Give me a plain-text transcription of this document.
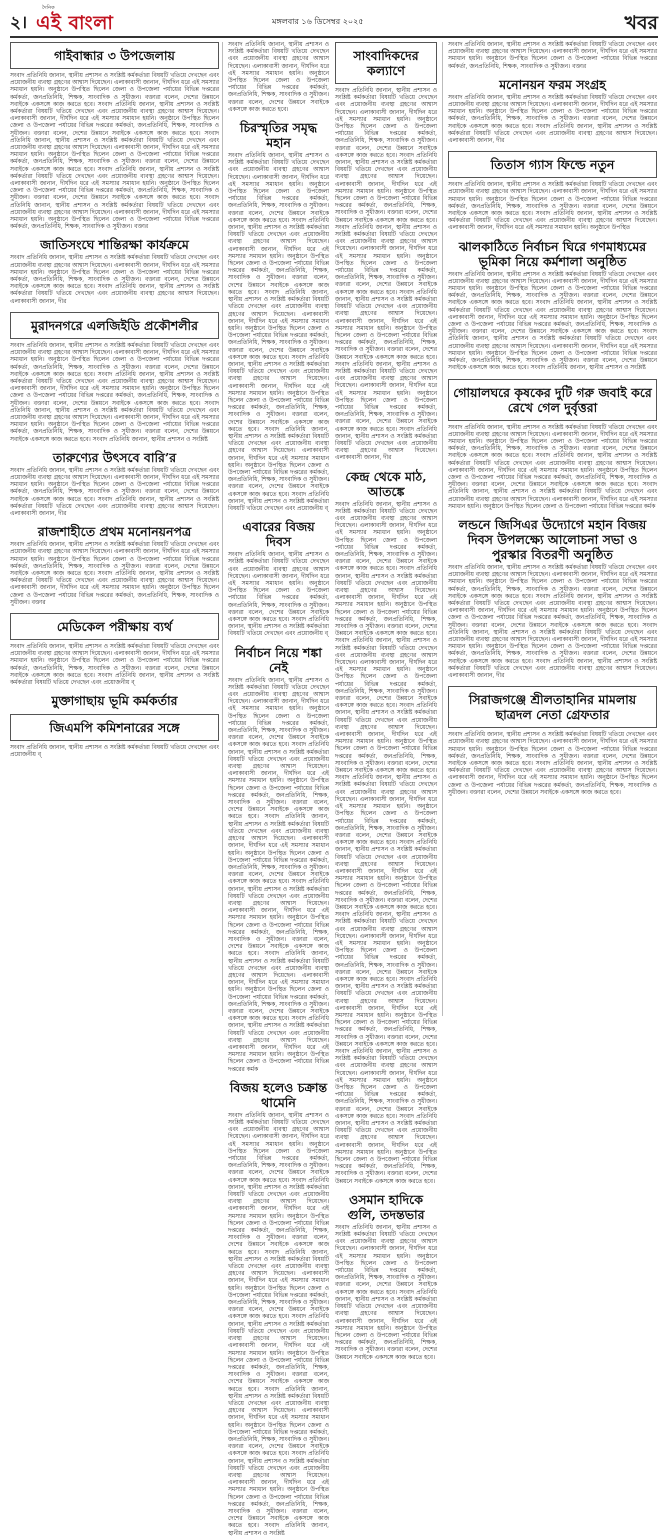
২।
দৈনিক
এই বাংলা	মঙ্গলবার ১৬ ডিসেম্বর ২০২৫	খবর
গাইবান্ধার ৩ উপজেলায়
সংবাদ প্রতিনিধি জানান, স্থানীয় প্রশাসন ও সংশ্লিষ্ট কর্মকর্তারা বিষয়টি খতিয়ে দেখছেন এবং প্রয়োজনীয় ব্যবস্থা গ্রহণের আশ্বাস দিয়েছেন। এলাকাবাসী জানান, দীর্ঘদিন ধরে এই সমস্যার সমাধান হয়নি। অনুষ্ঠানে উপস্থিত ছিলেন জেলা ও উপজেলা পর্যায়ের বিভিন্ন দপ্তরের কর্মকর্তা, জনপ্রতিনিধি, শিক্ষক, সাংবাদিক ও সুধীজন। বক্তারা বলেন, দেশের উন্নয়নে সবাইকে একসঙ্গে কাজ করতে হবে। সংবাদ প্রতিনিধি জানান, স্থানীয় প্রশাসন ও সংশ্লিষ্ট কর্মকর্তারা বিষয়টি খতিয়ে দেখছেন এবং প্রয়োজনীয় ব্যবস্থা গ্রহণের আশ্বাস দিয়েছেন। এলাকাবাসী জানান, দীর্ঘদিন ধরে এই সমস্যার সমাধান হয়নি। অনুষ্ঠানে উপস্থিত ছিলেন জেলা ও উপজেলা পর্যায়ের বিভিন্ন দপ্তরের কর্মকর্তা, জনপ্রতিনিধি, শিক্ষক, সাংবাদিক ও সুধীজন। বক্তারা বলেন, দেশের উন্নয়নে সবাইকে একসঙ্গে কাজ করতে হবে। সংবাদ প্রতিনিধি জানান, স্থানীয় প্রশাসন ও সংশ্লিষ্ট কর্মকর্তারা বিষয়টি খতিয়ে দেখছেন এবং প্রয়োজনীয় ব্যবস্থা গ্রহণের আশ্বাস দিয়েছেন। এলাকাবাসী জানান, দীর্ঘদিন ধরে এই সমস্যার সমাধান হয়নি। অনুষ্ঠানে উপস্থিত ছিলেন জেলা ও উপজেলা পর্যায়ের বিভিন্ন দপ্তরের কর্মকর্তা, জনপ্রতিনিধি, শিক্ষক, সাংবাদিক ও সুধীজন। বক্তারা বলেন, দেশের উন্নয়নে সবাইকে একসঙ্গে কাজ করতে হবে। সংবাদ প্রতিনিধি জানান, স্থানীয় প্রশাসন ও সংশ্লিষ্ট কর্মকর্তারা বিষয়টি খতিয়ে দেখছেন এবং প্রয়োজনীয় ব্যবস্থা গ্রহণের আশ্বাস দিয়েছেন। এলাকাবাসী জানান, দীর্ঘদিন ধরে এই সমস্যার সমাধান হয়নি। অনুষ্ঠানে উপস্থিত ছিলেন জেলা ও উপজেলা পর্যায়ের বিভিন্ন দপ্তরের কর্মকর্তা, জনপ্রতিনিধি, শিক্ষক, সাংবাদিক ও সুধীজন। বক্তারা বলেন, দেশের উন্নয়নে সবাইকে একসঙ্গে কাজ করতে হবে। সংবাদ প্রতিনিধি জানান, স্থানীয় প্রশাসন ও সংশ্লিষ্ট কর্মকর্তারা বিষয়টি খতিয়ে দেখছেন এবং প্রয়োজনীয় ব্যবস্থা গ্রহণের আশ্বাস দিয়েছেন। এলাকাবাসী জানান, দীর্ঘদিন ধরে এই সমস্যার সমাধান হয়নি। অনুষ্ঠানে উপস্থিত ছিলেন জেলা ও উপজেলা পর্যায়ের বিভিন্ন দপ্তরের কর্মকর্তা, জনপ্রতিনিধি, শিক্ষক, সাংবাদিক ও সুধীজন। বক্তার
জাতিসংঘে শান্তিরক্ষা কার্যক্রমে
সংবাদ প্রতিনিধি জানান, স্থানীয় প্রশাসন ও সংশ্লিষ্ট কর্মকর্তারা বিষয়টি খতিয়ে দেখছেন এবং প্রয়োজনীয় ব্যবস্থা গ্রহণের আশ্বাস দিয়েছেন। এলাকাবাসী জানান, দীর্ঘদিন ধরে এই সমস্যার সমাধান হয়নি। অনুষ্ঠানে উপস্থিত ছিলেন জেলা ও উপজেলা পর্যায়ের বিভিন্ন দপ্তরের কর্মকর্তা, জনপ্রতিনিধি, শিক্ষক, সাংবাদিক ও সুধীজন। বক্তারা বলেন, দেশের উন্নয়নে সবাইকে একসঙ্গে কাজ করতে হবে। সংবাদ প্রতিনিধি জানান, স্থানীয় প্রশাসন ও সংশ্লিষ্ট কর্মকর্তারা বিষয়টি খতিয়ে দেখছেন এবং প্রয়োজনীয় ব্যবস্থা গ্রহণের আশ্বাস দিয়েছেন। এলাকাবাসী জানান, দীর
মুরাদনগরে এলজিইডি প্রকৌশলীর
সংবাদ প্রতিনিধি জানান, স্থানীয় প্রশাসন ও সংশ্লিষ্ট কর্মকর্তারা বিষয়টি খতিয়ে দেখছেন এবং প্রয়োজনীয় ব্যবস্থা গ্রহণের আশ্বাস দিয়েছেন। এলাকাবাসী জানান, দীর্ঘদিন ধরে এই সমস্যার সমাধান হয়নি। অনুষ্ঠানে উপস্থিত ছিলেন জেলা ও উপজেলা পর্যায়ের বিভিন্ন দপ্তরের কর্মকর্তা, জনপ্রতিনিধি, শিক্ষক, সাংবাদিক ও সুধীজন। বক্তারা বলেন, দেশের উন্নয়নে সবাইকে একসঙ্গে কাজ করতে হবে। সংবাদ প্রতিনিধি জানান, স্থানীয় প্রশাসন ও সংশ্লিষ্ট কর্মকর্তারা বিষয়টি খতিয়ে দেখছেন এবং প্রয়োজনীয় ব্যবস্থা গ্রহণের আশ্বাস দিয়েছেন। এলাকাবাসী জানান, দীর্ঘদিন ধরে এই সমস্যার সমাধান হয়নি। অনুষ্ঠানে উপস্থিত ছিলেন জেলা ও উপজেলা পর্যায়ের বিভিন্ন দপ্তরের কর্মকর্তা, জনপ্রতিনিধি, শিক্ষক, সাংবাদিক ও সুধীজন। বক্তারা বলেন, দেশের উন্নয়নে সবাইকে একসঙ্গে কাজ করতে হবে। সংবাদ প্রতিনিধি জানান, স্থানীয় প্রশাসন ও সংশ্লিষ্ট কর্মকর্তারা বিষয়টি খতিয়ে দেখছেন এবং প্রয়োজনীয় ব্যবস্থা গ্রহণের আশ্বাস দিয়েছেন। এলাকাবাসী জানান, দীর্ঘদিন ধরে এই সমস্যার সমাধান হয়নি। অনুষ্ঠানে উপস্থিত ছিলেন জেলা ও উপজেলা পর্যায়ের বিভিন্ন দপ্তরের কর্মকর্তা, জনপ্রতিনিধি, শিক্ষক, সাংবাদিক ও সুধীজন। বক্তারা বলেন, দেশের উন্নয়নে সবাইকে একসঙ্গে কাজ করতে হবে। সংবাদ প্রতিনিধি জানান, স্থানীয় প্রশাসন ও সংশ্লিষ্ট
তারুণ্যের উৎসবে বারি’র
সংবাদ প্রতিনিধি জানান, স্থানীয় প্রশাসন ও সংশ্লিষ্ট কর্মকর্তারা বিষয়টি খতিয়ে দেখছেন এবং প্রয়োজনীয় ব্যবস্থা গ্রহণের আশ্বাস দিয়েছেন। এলাকাবাসী জানান, দীর্ঘদিন ধরে এই সমস্যার সমাধান হয়নি। অনুষ্ঠানে উপস্থিত ছিলেন জেলা ও উপজেলা পর্যায়ের বিভিন্ন দপ্তরের কর্মকর্তা, জনপ্রতিনিধি, শিক্ষক, সাংবাদিক ও সুধীজন। বক্তারা বলেন, দেশের উন্নয়নে সবাইকে একসঙ্গে কাজ করতে হবে। সংবাদ প্রতিনিধি জানান, স্থানীয় প্রশাসন ও সংশ্লিষ্ট কর্মকর্তারা বিষয়টি খতিয়ে দেখছেন এবং প্রয়োজনীয় ব্যবস্থা গ্রহণের আশ্বাস দিয়েছেন। এলাকাবাসী জানান, দীর
রাজশাহীতে প্রথম মনোনয়নপত্র
সংবাদ প্রতিনিধি জানান, স্থানীয় প্রশাসন ও সংশ্লিষ্ট কর্মকর্তারা বিষয়টি খতিয়ে দেখছেন এবং প্রয়োজনীয় ব্যবস্থা গ্রহণের আশ্বাস দিয়েছেন। এলাকাবাসী জানান, দীর্ঘদিন ধরে এই সমস্যার সমাধান হয়নি। অনুষ্ঠানে উপস্থিত ছিলেন জেলা ও উপজেলা পর্যায়ের বিভিন্ন দপ্তরের কর্মকর্তা, জনপ্রতিনিধি, শিক্ষক, সাংবাদিক ও সুধীজন। বক্তারা বলেন, দেশের উন্নয়নে সবাইকে একসঙ্গে কাজ করতে হবে। সংবাদ প্রতিনিধি জানান, স্থানীয় প্রশাসন ও সংশ্লিষ্ট কর্মকর্তারা বিষয়টি খতিয়ে দেখছেন এবং প্রয়োজনীয় ব্যবস্থা গ্রহণের আশ্বাস দিয়েছেন। এলাকাবাসী জানান, দীর্ঘদিন ধরে এই সমস্যার সমাধান হয়নি। অনুষ্ঠানে উপস্থিত ছিলেন জেলা ও উপজেলা পর্যায়ের বিভিন্ন দপ্তরের কর্মকর্তা, জনপ্রতিনিধি, শিক্ষক, সাংবাদিক ও সুধীজন। বক্তার
মেডিকেল পরীক্ষায় ব্যর্থ
সংবাদ প্রতিনিধি জানান, স্থানীয় প্রশাসন ও সংশ্লিষ্ট কর্মকর্তারা বিষয়টি খতিয়ে দেখছেন এবং প্রয়োজনীয় ব্যবস্থা গ্রহণের আশ্বাস দিয়েছেন। এলাকাবাসী জানান, দীর্ঘদিন ধরে এই সমস্যার সমাধান হয়নি। অনুষ্ঠানে উপস্থিত ছিলেন জেলা ও উপজেলা পর্যায়ের বিভিন্ন দপ্তরের কর্মকর্তা, জনপ্রতিনিধি, শিক্ষক, সাংবাদিক ও সুধীজন। বক্তারা বলেন, দেশের উন্নয়নে সবাইকে একসঙ্গে কাজ করতে হবে। সংবাদ প্রতিনিধি জানান, স্থানীয় প্রশাসন ও সংশ্লিষ্ট কর্মকর্তারা বিষয়টি খতিয়ে দেখছেন এবং প্রয়োজনীয় ব্
মুক্তাগাছায় ভূমি কর্মকর্তার
জিএমপি কমিশনারের সঙ্গে
সংবাদ প্রতিনিধি জানান, স্থানীয় প্রশাসন ও সংশ্লিষ্ট কর্মকর্তারা বিষয়টি খতিয়ে দেখছেন এবং প্রয়োজনীয় ব্
সংবাদ প্রতিনিধি জানান, স্থানীয় প্রশাসন ও সংশ্লিষ্ট কর্মকর্তারা বিষয়টি খতিয়ে দেখছেন এবং প্রয়োজনীয় ব্যবস্থা গ্রহণের আশ্বাস দিয়েছেন। এলাকাবাসী জানান, দীর্ঘদিন ধরে এই সমস্যার সমাধান হয়নি। অনুষ্ঠানে উপস্থিত ছিলেন জেলা ও উপজেলা পর্যায়ের বিভিন্ন দপ্তরের কর্মকর্তা, জনপ্রতিনিধি, শিক্ষক, সাংবাদিক ও সুধীজন। বক্তারা বলেন, দেশের উন্নয়নে সবাইকে একসঙ্গে কাজ করতে হবে।
চিরস্মৃতির সমৃদ্ধ মহান
সংবাদ প্রতিনিধি জানান, স্থানীয় প্রশাসন ও সংশ্লিষ্ট কর্মকর্তারা বিষয়টি খতিয়ে দেখছেন এবং প্রয়োজনীয় ব্যবস্থা গ্রহণের আশ্বাস দিয়েছেন। এলাকাবাসী জানান, দীর্ঘদিন ধরে এই সমস্যার সমাধান হয়নি। অনুষ্ঠানে উপস্থিত ছিলেন জেলা ও উপজেলা পর্যায়ের বিভিন্ন দপ্তরের কর্মকর্তা, জনপ্রতিনিধি, শিক্ষক, সাংবাদিক ও সুধীজন। বক্তারা বলেন, দেশের উন্নয়নে সবাইকে একসঙ্গে কাজ করতে হবে। সংবাদ প্রতিনিধি জানান, স্থানীয় প্রশাসন ও সংশ্লিষ্ট কর্মকর্তারা বিষয়টি খতিয়ে দেখছেন এবং প্রয়োজনীয় ব্যবস্থা গ্রহণের আশ্বাস দিয়েছেন। এলাকাবাসী জানান, দীর্ঘদিন ধরে এই সমস্যার সমাধান হয়নি। অনুষ্ঠানে উপস্থিত ছিলেন জেলা ও উপজেলা পর্যায়ের বিভিন্ন দপ্তরের কর্মকর্তা, জনপ্রতিনিধি, শিক্ষক, সাংবাদিক ও সুধীজন। বক্তারা বলেন, দেশের উন্নয়নে সবাইকে একসঙ্গে কাজ করতে হবে। সংবাদ প্রতিনিধি জানান, স্থানীয় প্রশাসন ও সংশ্লিষ্ট কর্মকর্তারা বিষয়টি খতিয়ে দেখছেন এবং প্রয়োজনীয় ব্যবস্থা গ্রহণের আশ্বাস দিয়েছেন। এলাকাবাসী জানান, দীর্ঘদিন ধরে এই সমস্যার সমাধান হয়নি। অনুষ্ঠানে উপস্থিত ছিলেন জেলা ও উপজেলা পর্যায়ের বিভিন্ন দপ্তরের কর্মকর্তা, জনপ্রতিনিধি, শিক্ষক, সাংবাদিক ও সুধীজন। বক্তারা বলেন, দেশের উন্নয়নে সবাইকে একসঙ্গে কাজ করতে হবে। সংবাদ প্রতিনিধি জানান, স্থানীয় প্রশাসন ও সংশ্লিষ্ট কর্মকর্তারা বিষয়টি খতিয়ে দেখছেন এবং প্রয়োজনীয় ব্যবস্থা গ্রহণের আশ্বাস দিয়েছেন। এলাকাবাসী জানান, দীর্ঘদিন ধরে এই সমস্যার সমাধান হয়নি। অনুষ্ঠানে উপস্থিত ছিলেন জেলা ও উপজেলা পর্যায়ের বিভিন্ন দপ্তরের কর্মকর্তা, জনপ্রতিনিধি, শিক্ষক, সাংবাদিক ও সুধীজন। বক্তারা বলেন, দেশের উন্নয়নে সবাইকে একসঙ্গে কাজ করতে হবে। সংবাদ প্রতিনিধি জানান, স্থানীয় প্রশাসন ও সংশ্লিষ্ট কর্মকর্তারা বিষয়টি খতিয়ে দেখছেন এবং প্রয়োজনীয় ব্যবস্থা গ্রহণের আশ্বাস দিয়েছেন। এলাকাবাসী জানান, দীর্ঘদিন ধরে এই সমস্যার সমাধান হয়নি। অনুষ্ঠানে উপস্থিত ছিলেন জেলা ও উপজেলা পর্যায়ের বিভিন্ন দপ্তরের কর্মকর্তা, জনপ্রতিনিধি, শিক্ষক, সাংবাদিক ও সুধীজন। বক্তারা বলেন, দেশের উন্নয়নে সবাইকে একসঙ্গে কাজ করতে হবে। সংবাদ প্রতিনিধি জানান, স্থানীয় প্রশাসন ও সংশ্লিষ্ট কর্মকর্তারা বিষয়টি খতিয়ে দেখছেন এবং প্রয়োজনীয় ব্
এবারের বিজয় দিবস
সংবাদ প্রতিনিধি জানান, স্থানীয় প্রশাসন ও সংশ্লিষ্ট কর্মকর্তারা বিষয়টি খতিয়ে দেখছেন এবং প্রয়োজনীয় ব্যবস্থা গ্রহণের আশ্বাস দিয়েছেন। এলাকাবাসী জানান, দীর্ঘদিন ধরে এই সমস্যার সমাধান হয়নি। অনুষ্ঠানে উপস্থিত ছিলেন জেলা ও উপজেলা পর্যায়ের বিভিন্ন দপ্তরের কর্মকর্তা, জনপ্রতিনিধি, শিক্ষক, সাংবাদিক ও সুধীজন। বক্তারা বলেন, দেশের উন্নয়নে সবাইকে একসঙ্গে কাজ করতে হবে। সংবাদ প্রতিনিধি জানান, স্থানীয় প্রশাসন ও সংশ্লিষ্ট কর্মকর্তারা বিষয়টি খতিয়ে দেখছেন এবং প্রয়োজনীয় ব্
নির্বাচন নিয়ে শঙ্কা নেই
সংবাদ প্রতিনিধি জানান, স্থানীয় প্রশাসন ও সংশ্লিষ্ট কর্মকর্তারা বিষয়টি খতিয়ে দেখছেন এবং প্রয়োজনীয় ব্যবস্থা গ্রহণের আশ্বাস দিয়েছেন। এলাকাবাসী জানান, দীর্ঘদিন ধরে এই সমস্যার সমাধান হয়নি। অনুষ্ঠানে উপস্থিত ছিলেন জেলা ও উপজেলা পর্যায়ের বিভিন্ন দপ্তরের কর্মকর্তা, জনপ্রতিনিধি, শিক্ষক, সাংবাদিক ও সুধীজন। বক্তারা বলেন, দেশের উন্নয়নে সবাইকে একসঙ্গে কাজ করতে হবে। সংবাদ প্রতিনিধি জানান, স্থানীয় প্রশাসন ও সংশ্লিষ্ট কর্মকর্তারা বিষয়টি খতিয়ে দেখছেন এবং প্রয়োজনীয় ব্যবস্থা গ্রহণের আশ্বাস দিয়েছেন। এলাকাবাসী জানান, দীর্ঘদিন ধরে এই সমস্যার সমাধান হয়নি। অনুষ্ঠানে উপস্থিত ছিলেন জেলা ও উপজেলা পর্যায়ের বিভিন্ন দপ্তরের কর্মকর্তা, জনপ্রতিনিধি, শিক্ষক, সাংবাদিক ও সুধীজন। বক্তারা বলেন, দেশের উন্নয়নে সবাইকে একসঙ্গে কাজ করতে হবে। সংবাদ প্রতিনিধি জানান, স্থানীয় প্রশাসন ও সংশ্লিষ্ট কর্মকর্তারা বিষয়টি খতিয়ে দেখছেন এবং প্রয়োজনীয় ব্যবস্থা গ্রহণের আশ্বাস দিয়েছেন। এলাকাবাসী জানান, দীর্ঘদিন ধরে এই সমস্যার সমাধান হয়নি। অনুষ্ঠানে উপস্থিত ছিলেন জেলা ও উপজেলা পর্যায়ের বিভিন্ন দপ্তরের কর্মকর্তা, জনপ্রতিনিধি, শিক্ষক, সাংবাদিক ও সুধীজন। বক্তারা বলেন, দেশের উন্নয়নে সবাইকে একসঙ্গে কাজ করতে হবে। সংবাদ প্রতিনিধি জানান, স্থানীয় প্রশাসন ও সংশ্লিষ্ট কর্মকর্তারা বিষয়টি খতিয়ে দেখছেন এবং প্রয়োজনীয় ব্যবস্থা গ্রহণের আশ্বাস দিয়েছেন। এলাকাবাসী জানান, দীর্ঘদিন ধরে এই সমস্যার সমাধান হয়নি। অনুষ্ঠানে উপস্থিত ছিলেন জেলা ও উপজেলা পর্যায়ের বিভিন্ন দপ্তরের কর্মকর্তা, জনপ্রতিনিধি, শিক্ষক, সাংবাদিক ও সুধীজন। বক্তারা বলেন, দেশের উন্নয়নে সবাইকে একসঙ্গে কাজ করতে হবে। সংবাদ প্রতিনিধি জানান, স্থানীয় প্রশাসন ও সংশ্লিষ্ট কর্মকর্তারা বিষয়টি খতিয়ে দেখছেন এবং প্রয়োজনীয় ব্যবস্থা গ্রহণের আশ্বাস দিয়েছেন। এলাকাবাসী জানান, দীর্ঘদিন ধরে এই সমস্যার সমাধান হয়নি। অনুষ্ঠানে উপস্থিত ছিলেন জেলা ও উপজেলা পর্যায়ের বিভিন্ন দপ্তরের কর্মকর্তা, জনপ্রতিনিধি, শিক্ষক, সাংবাদিক ও সুধীজন। বক্তারা বলেন, দেশের উন্নয়নে সবাইকে একসঙ্গে কাজ করতে হবে। সংবাদ প্রতিনিধি জানান, স্থানীয় প্রশাসন ও সংশ্লিষ্ট কর্মকর্তারা বিষয়টি খতিয়ে দেখছেন এবং প্রয়োজনীয় ব্যবস্থা গ্রহণের আশ্বাস দিয়েছেন। এলাকাবাসী জানান, দীর্ঘদিন ধরে এই সমস্যার সমাধান হয়নি। অনুষ্ঠানে উপস্থিত ছিলেন জেলা ও উপজেলা পর্যায়ের বিভিন্ন দপ্তরের কর্মক
বিজয় হলেও চক্রান্ত থামেনি
সংবাদ প্রতিনিধি জানান, স্থানীয় প্রশাসন ও সংশ্লিষ্ট কর্মকর্তারা বিষয়টি খতিয়ে দেখছেন এবং প্রয়োজনীয় ব্যবস্থা গ্রহণের আশ্বাস দিয়েছেন। এলাকাবাসী জানান, দীর্ঘদিন ধরে এই সমস্যার সমাধান হয়নি। অনুষ্ঠানে উপস্থিত ছিলেন জেলা ও উপজেলা পর্যায়ের বিভিন্ন দপ্তরের কর্মকর্তা, জনপ্রতিনিধি, শিক্ষক, সাংবাদিক ও সুধীজন। বক্তারা বলেন, দেশের উন্নয়নে সবাইকে একসঙ্গে কাজ করতে হবে। সংবাদ প্রতিনিধি জানান, স্থানীয় প্রশাসন ও সংশ্লিষ্ট কর্মকর্তারা বিষয়টি খতিয়ে দেখছেন এবং প্রয়োজনীয় ব্যবস্থা গ্রহণের আশ্বাস দিয়েছেন। এলাকাবাসী জানান, দীর্ঘদিন ধরে এই সমস্যার সমাধান হয়নি। অনুষ্ঠানে উপস্থিত ছিলেন জেলা ও উপজেলা পর্যায়ের বিভিন্ন দপ্তরের কর্মকর্তা, জনপ্রতিনিধি, শিক্ষক, সাংবাদিক ও সুধীজন। বক্তারা বলেন, দেশের উন্নয়নে সবাইকে একসঙ্গে কাজ করতে হবে। সংবাদ প্রতিনিধি জানান, স্থানীয় প্রশাসন ও সংশ্লিষ্ট কর্মকর্তারা বিষয়টি খতিয়ে দেখছেন এবং প্রয়োজনীয় ব্যবস্থা গ্রহণের আশ্বাস দিয়েছেন। এলাকাবাসী জানান, দীর্ঘদিন ধরে এই সমস্যার সমাধান হয়নি। অনুষ্ঠানে উপস্থিত ছিলেন জেলা ও উপজেলা পর্যায়ের বিভিন্ন দপ্তরের কর্মকর্তা, জনপ্রতিনিধি, শিক্ষক, সাংবাদিক ও সুধীজন। বক্তারা বলেন, দেশের উন্নয়নে সবাইকে একসঙ্গে কাজ করতে হবে। সংবাদ প্রতিনিধি জানান, স্থানীয় প্রশাসন ও সংশ্লিষ্ট কর্মকর্তারা বিষয়টি খতিয়ে দেখছেন এবং প্রয়োজনীয় ব্যবস্থা গ্রহণের আশ্বাস দিয়েছেন। এলাকাবাসী জানান, দীর্ঘদিন ধরে এই সমস্যার সমাধান হয়নি। অনুষ্ঠানে উপস্থিত ছিলেন জেলা ও উপজেলা পর্যায়ের বিভিন্ন দপ্তরের কর্মকর্তা, জনপ্রতিনিধি, শিক্ষক, সাংবাদিক ও সুধীজন। বক্তারা বলেন, দেশের উন্নয়নে সবাইকে একসঙ্গে কাজ করতে হবে। সংবাদ প্রতিনিধি জানান, স্থানীয় প্রশাসন ও সংশ্লিষ্ট কর্মকর্তারা বিষয়টি খতিয়ে দেখছেন এবং প্রয়োজনীয় ব্যবস্থা গ্রহণের আশ্বাস দিয়েছেন। এলাকাবাসী জানান, দীর্ঘদিন ধরে এই সমস্যার সমাধান হয়নি। অনুষ্ঠানে উপস্থিত ছিলেন জেলা ও উপজেলা পর্যায়ের বিভিন্ন দপ্তরের কর্মকর্তা, জনপ্রতিনিধি, শিক্ষক, সাংবাদিক ও সুধীজন। বক্তারা বলেন, দেশের উন্নয়নে সবাইকে একসঙ্গে কাজ করতে হবে। সংবাদ প্রতিনিধি জানান, স্থানীয় প্রশাসন ও সংশ্লিষ্ট কর্মকর্তারা বিষয়টি খতিয়ে দেখছেন এবং প্রয়োজনীয় ব্যবস্থা গ্রহণের আশ্বাস দিয়েছেন। এলাকাবাসী জানান, দীর্ঘদিন ধরে এই সমস্যার সমাধান হয়নি। অনুষ্ঠানে উপস্থিত ছিলেন জেলা ও উপজেলা পর্যায়ের বিভিন্ন দপ্তরের কর্মকর্তা, জনপ্রতিনিধি, শিক্ষক, সাংবাদিক ও সুধীজন। বক্তারা বলেন, দেশের উন্নয়নে সবাইকে একসঙ্গে কাজ করতে হবে। সংবাদ প্রতিনিধি জানান, স্থানীয় প্রশাসন ও সংশ্লিষ্ট
সাংবাদিকদের কল্যাণে
সংবাদ প্রতিনিধি জানান, স্থানীয় প্রশাসন ও সংশ্লিষ্ট কর্মকর্তারা বিষয়টি খতিয়ে দেখছেন এবং প্রয়োজনীয় ব্যবস্থা গ্রহণের আশ্বাস দিয়েছেন। এলাকাবাসী জানান, দীর্ঘদিন ধরে এই সমস্যার সমাধান হয়নি। অনুষ্ঠানে উপস্থিত ছিলেন জেলা ও উপজেলা পর্যায়ের বিভিন্ন দপ্তরের কর্মকর্তা, জনপ্রতিনিধি, শিক্ষক, সাংবাদিক ও সুধীজন। বক্তারা বলেন, দেশের উন্নয়নে সবাইকে একসঙ্গে কাজ করতে হবে। সংবাদ প্রতিনিধি জানান, স্থানীয় প্রশাসন ও সংশ্লিষ্ট কর্মকর্তারা বিষয়টি খতিয়ে দেখছেন এবং প্রয়োজনীয় ব্যবস্থা গ্রহণের আশ্বাস দিয়েছেন। এলাকাবাসী জানান, দীর্ঘদিন ধরে এই সমস্যার সমাধান হয়নি। অনুষ্ঠানে উপস্থিত ছিলেন জেলা ও উপজেলা পর্যায়ের বিভিন্ন দপ্তরের কর্মকর্তা, জনপ্রতিনিধি, শিক্ষক, সাংবাদিক ও সুধীজন। বক্তারা বলেন, দেশের উন্নয়নে সবাইকে একসঙ্গে কাজ করতে হবে। সংবাদ প্রতিনিধি জানান, স্থানীয় প্রশাসন ও সংশ্লিষ্ট কর্মকর্তারা বিষয়টি খতিয়ে দেখছেন এবং প্রয়োজনীয় ব্যবস্থা গ্রহণের আশ্বাস দিয়েছেন। এলাকাবাসী জানান, দীর্ঘদিন ধরে এই সমস্যার সমাধান হয়নি। অনুষ্ঠানে উপস্থিত ছিলেন জেলা ও উপজেলা পর্যায়ের বিভিন্ন দপ্তরের কর্মকর্তা, জনপ্রতিনিধি, শিক্ষক, সাংবাদিক ও সুধীজন। বক্তারা বলেন, দেশের উন্নয়নে সবাইকে একসঙ্গে কাজ করতে হবে। সংবাদ প্রতিনিধি জানান, স্থানীয় প্রশাসন ও সংশ্লিষ্ট কর্মকর্তারা বিষয়টি খতিয়ে দেখছেন এবং প্রয়োজনীয় ব্যবস্থা গ্রহণের আশ্বাস দিয়েছেন। এলাকাবাসী জানান, দীর্ঘদিন ধরে এই সমস্যার সমাধান হয়নি। অনুষ্ঠানে উপস্থিত ছিলেন জেলা ও উপজেলা পর্যায়ের বিভিন্ন দপ্তরের কর্মকর্তা, জনপ্রতিনিধি, শিক্ষক, সাংবাদিক ও সুধীজন। বক্তারা বলেন, দেশের উন্নয়নে সবাইকে একসঙ্গে কাজ করতে হবে। সংবাদ প্রতিনিধি জানান, স্থানীয় প্রশাসন ও সংশ্লিষ্ট কর্মকর্তারা বিষয়টি খতিয়ে দেখছেন এবং প্রয়োজনীয় ব্যবস্থা গ্রহণের আশ্বাস দিয়েছেন। এলাকাবাসী জানান, দীর্ঘদিন ধরে এই সমস্যার সমাধান হয়নি। অনুষ্ঠানে উপস্থিত ছিলেন জেলা ও উপজেলা পর্যায়ের বিভিন্ন দপ্তরের কর্মকর্তা, জনপ্রতিনিধি, শিক্ষক, সাংবাদিক ও সুধীজন। বক্তারা বলেন, দেশের উন্নয়নে সবাইকে একসঙ্গে কাজ করতে হবে। সংবাদ প্রতিনিধি জানান, স্থানীয় প্রশাসন ও সংশ্লিষ্ট কর্মকর্তারা বিষয়টি খতিয়ে দেখছেন এবং প্রয়োজনীয় ব্যবস্থা গ্রহণের আশ্বাস দিয়েছেন। এলাকাবাসী জানান, দীর
কেন্দ্র থেকে মাঠ, আতঙ্কে
সংবাদ প্রতিনিধি জানান, স্থানীয় প্রশাসন ও সংশ্লিষ্ট কর্মকর্তারা বিষয়টি খতিয়ে দেখছেন এবং প্রয়োজনীয় ব্যবস্থা গ্রহণের আশ্বাস দিয়েছেন। এলাকাবাসী জানান, দীর্ঘদিন ধরে এই সমস্যার সমাধান হয়নি। অনুষ্ঠানে উপস্থিত ছিলেন জেলা ও উপজেলা পর্যায়ের বিভিন্ন দপ্তরের কর্মকর্তা, জনপ্রতিনিধি, শিক্ষক, সাংবাদিক ও সুধীজন। বক্তারা বলেন, দেশের উন্নয়নে সবাইকে একসঙ্গে কাজ করতে হবে। সংবাদ প্রতিনিধি জানান, স্থানীয় প্রশাসন ও সংশ্লিষ্ট কর্মকর্তারা বিষয়টি খতিয়ে দেখছেন এবং প্রয়োজনীয় ব্যবস্থা গ্রহণের আশ্বাস দিয়েছেন। এলাকাবাসী জানান, দীর্ঘদিন ধরে এই সমস্যার সমাধান হয়নি। অনুষ্ঠানে উপস্থিত ছিলেন জেলা ও উপজেলা পর্যায়ের বিভিন্ন দপ্তরের কর্মকর্তা, জনপ্রতিনিধি, শিক্ষক, সাংবাদিক ও সুধীজন। বক্তারা বলেন, দেশের উন্নয়নে সবাইকে একসঙ্গে কাজ করতে হবে। সংবাদ প্রতিনিধি জানান, স্থানীয় প্রশাসন ও সংশ্লিষ্ট কর্মকর্তারা বিষয়টি খতিয়ে দেখছেন এবং প্রয়োজনীয় ব্যবস্থা গ্রহণের আশ্বাস দিয়েছেন। এলাকাবাসী জানান, দীর্ঘদিন ধরে এই সমস্যার সমাধান হয়নি। অনুষ্ঠানে উপস্থিত ছিলেন জেলা ও উপজেলা পর্যায়ের বিভিন্ন দপ্তরের কর্মকর্তা, জনপ্রতিনিধি, শিক্ষক, সাংবাদিক ও সুধীজন। বক্তারা বলেন, দেশের উন্নয়নে সবাইকে একসঙ্গে কাজ করতে হবে। সংবাদ প্রতিনিধি জানান, স্থানীয় প্রশাসন ও সংশ্লিষ্ট কর্মকর্তারা বিষয়টি খতিয়ে দেখছেন এবং প্রয়োজনীয় ব্যবস্থা গ্রহণের আশ্বাস দিয়েছেন। এলাকাবাসী জানান, দীর্ঘদিন ধরে এই সমস্যার সমাধান হয়নি। অনুষ্ঠানে উপস্থিত ছিলেন জেলা ও উপজেলা পর্যায়ের বিভিন্ন দপ্তরের কর্মকর্তা, জনপ্রতিনিধি, শিক্ষক, সাংবাদিক ও সুধীজন। বক্তারা বলেন, দেশের উন্নয়নে সবাইকে একসঙ্গে কাজ করতে হবে। সংবাদ প্রতিনিধি জানান, স্থানীয় প্রশাসন ও সংশ্লিষ্ট কর্মকর্তারা বিষয়টি খতিয়ে দেখছেন এবং প্রয়োজনীয় ব্যবস্থা গ্রহণের আশ্বাস দিয়েছেন। এলাকাবাসী জানান, দীর্ঘদিন ধরে এই সমস্যার সমাধান হয়নি। অনুষ্ঠানে উপস্থিত ছিলেন জেলা ও উপজেলা পর্যায়ের বিভিন্ন দপ্তরের কর্মকর্তা, জনপ্রতিনিধি, শিক্ষক, সাংবাদিক ও সুধীজন। বক্তারা বলেন, দেশের উন্নয়নে সবাইকে একসঙ্গে কাজ করতে হবে। সংবাদ প্রতিনিধি জানান, স্থানীয় প্রশাসন ও সংশ্লিষ্ট কর্মকর্তারা বিষয়টি খতিয়ে দেখছেন এবং প্রয়োজনীয় ব্যবস্থা গ্রহণের আশ্বাস দিয়েছেন। এলাকাবাসী জানান, দীর্ঘদিন ধরে এই সমস্যার সমাধান হয়নি। অনুষ্ঠানে উপস্থিত ছিলেন জেলা ও উপজেলা পর্যায়ের বিভিন্ন দপ্তরের কর্মকর্তা, জনপ্রতিনিধি, শিক্ষক, সাংবাদিক ও সুধীজন। বক্তারা বলেন, দেশের উন্নয়নে সবাইকে একসঙ্গে কাজ করতে হবে। সংবাদ প্রতিনিধি জানান, স্থানীয় প্রশাসন ও সংশ্লিষ্ট কর্মকর্তারা বিষয়টি খতিয়ে দেখছেন এবং প্রয়োজনীয় ব্যবস্থা গ্রহণের আশ্বাস দিয়েছেন। এলাকাবাসী জানান, দীর্ঘদিন ধরে এই সমস্যার সমাধান হয়নি। অনুষ্ঠানে উপস্থিত ছিলেন জেলা ও উপজেলা পর্যায়ের বিভিন্ন দপ্তরের কর্মকর্তা, জনপ্রতিনিধি, শিক্ষক, সাংবাদিক ও সুধীজন। বক্তারা বলেন, দেশের উন্নয়নে সবাইকে একসঙ্গে কাজ করতে হবে। সংবাদ প্রতিনিধি জানান, স্থানীয় প্রশাসন ও সংশ্লিষ্ট কর্মকর্তারা বিষয়টি খতিয়ে দেখছেন এবং প্রয়োজনীয় ব্যবস্থা গ্রহণের আশ্বাস দিয়েছেন। এলাকাবাসী জানান, দীর্ঘদিন ধরে এই সমস্যার সমাধান হয়নি। অনুষ্ঠানে উপস্থিত ছিলেন জেলা ও উপজেলা পর্যায়ের বিভিন্ন দপ্তরের কর্মকর্তা, জনপ্রতিনিধি, শিক্ষক, সাংবাদিক ও সুধীজন। বক্তারা বলেন, দেশের উন্নয়নে সবাইকে একসঙ্গে কাজ করতে হবে। সংবাদ প্রতিনিধি জানান, স্থানীয় প্রশাসন ও সংশ্লিষ্ট কর্মকর্তারা বিষয়টি খতিয়ে দেখছেন এবং প্রয়োজনীয় ব্যবস্থা গ্রহণের আশ্বাস দিয়েছেন। এলাকাবাসী জানান, দীর্ঘদিন ধরে এই সমস্যার সমাধান হয়নি। অনুষ্ঠানে উপস্থিত ছিলেন জেলা ও উপজেলা পর্যায়ের বিভিন্ন দপ্তরের কর্মকর্তা, জনপ্রতিনিধি, শিক্ষক, সাংবাদিক ও সুধীজন। বক্তারা বলেন, দেশের উন্নয়নে সবাইকে একসঙ্গে কাজ করতে হবে। সংবাদ প্রতিনিধি জানান, স্থানীয় প্রশাসন ও সংশ্লিষ্ট কর্মকর্তারা বিষয়টি খতিয়ে দেখছেন এবং প্রয়োজনীয় ব্যবস্থা গ্রহণের আশ্বাস দিয়েছেন। এলাকাবাসী জানান, দীর্ঘদিন ধরে এই সমস্যার সমাধান হয়নি। অনুষ্ঠানে উপস্থিত ছিলেন জেলা ও উপজেলা পর্যায়ের বিভিন্ন দপ্তরের কর্মকর্তা, জনপ্রতিনিধি, শিক্ষক, সাংবাদিক ও সুধীজন। বক্তারা বলেন, দেশের উন্নয়নে সবাইকে একসঙ্গে কাজ করতে হবে।
ওসমান হাদিকে গুলি, তদন্তভার
সংবাদ প্রতিনিধি জানান, স্থানীয় প্রশাসন ও সংশ্লিষ্ট কর্মকর্তারা বিষয়টি খতিয়ে দেখছেন এবং প্রয়োজনীয় ব্যবস্থা গ্রহণের আশ্বাস দিয়েছেন। এলাকাবাসী জানান, দীর্ঘদিন ধরে এই সমস্যার সমাধান হয়নি। অনুষ্ঠানে উপস্থিত ছিলেন জেলা ও উপজেলা পর্যায়ের বিভিন্ন দপ্তরের কর্মকর্তা, জনপ্রতিনিধি, শিক্ষক, সাংবাদিক ও সুধীজন। বক্তারা বলেন, দেশের উন্নয়নে সবাইকে একসঙ্গে কাজ করতে হবে। সংবাদ প্রতিনিধি জানান, স্থানীয় প্রশাসন ও সংশ্লিষ্ট কর্মকর্তারা বিষয়টি খতিয়ে দেখছেন এবং প্রয়োজনীয় ব্যবস্থা গ্রহণের আশ্বাস দিয়েছেন। এলাকাবাসী জানান, দীর্ঘদিন ধরে এই সমস্যার সমাধান হয়নি। অনুষ্ঠানে উপস্থিত ছিলেন জেলা ও উপজেলা পর্যায়ের বিভিন্ন দপ্তরের কর্মকর্তা, জনপ্রতিনিধি, শিক্ষক, সাংবাদিক ও সুধীজন। বক্তারা বলেন, দেশের উন্নয়নে সবাইকে একসঙ্গে কাজ করতে হবে।
সংবাদ প্রতিনিধি জানান, স্থানীয় প্রশাসন ও সংশ্লিষ্ট কর্মকর্তারা বিষয়টি খতিয়ে দেখছেন এবং প্রয়োজনীয় ব্যবস্থা গ্রহণের আশ্বাস দিয়েছেন। এলাকাবাসী জানান, দীর্ঘদিন ধরে এই সমস্যার সমাধান হয়নি। অনুষ্ঠানে উপস্থিত ছিলেন জেলা ও উপজেলা পর্যায়ের বিভিন্ন দপ্তরের কর্মকর্তা, জনপ্রতিনিধি, শিক্ষক, সাংবাদিক ও সুধীজন। বক্তার
মনোনয়ন ফরম সংগ্রহ
সংবাদ প্রতিনিধি জানান, স্থানীয় প্রশাসন ও সংশ্লিষ্ট কর্মকর্তারা বিষয়টি খতিয়ে দেখছেন এবং প্রয়োজনীয় ব্যবস্থা গ্রহণের আশ্বাস দিয়েছেন। এলাকাবাসী জানান, দীর্ঘদিন ধরে এই সমস্যার সমাধান হয়নি। অনুষ্ঠানে উপস্থিত ছিলেন জেলা ও উপজেলা পর্যায়ের বিভিন্ন দপ্তরের কর্মকর্তা, জনপ্রতিনিধি, শিক্ষক, সাংবাদিক ও সুধীজন। বক্তারা বলেন, দেশের উন্নয়নে সবাইকে একসঙ্গে কাজ করতে হবে। সংবাদ প্রতিনিধি জানান, স্থানীয় প্রশাসন ও সংশ্লিষ্ট কর্মকর্তারা বিষয়টি খতিয়ে দেখছেন এবং প্রয়োজনীয় ব্যবস্থা গ্রহণের আশ্বাস দিয়েছেন। এলাকাবাসী জানান, দীর
তিতাস গ্যাস ফিল্ডে নতুন
সংবাদ প্রতিনিধি জানান, স্থানীয় প্রশাসন ও সংশ্লিষ্ট কর্মকর্তারা বিষয়টি খতিয়ে দেখছেন এবং প্রয়োজনীয় ব্যবস্থা গ্রহণের আশ্বাস দিয়েছেন। এলাকাবাসী জানান, দীর্ঘদিন ধরে এই সমস্যার সমাধান হয়নি। অনুষ্ঠানে উপস্থিত ছিলেন জেলা ও উপজেলা পর্যায়ের বিভিন্ন দপ্তরের কর্মকর্তা, জনপ্রতিনিধি, শিক্ষক, সাংবাদিক ও সুধীজন। বক্তারা বলেন, দেশের উন্নয়নে সবাইকে একসঙ্গে কাজ করতে হবে। সংবাদ প্রতিনিধি জানান, স্থানীয় প্রশাসন ও সংশ্লিষ্ট কর্মকর্তারা বিষয়টি খতিয়ে দেখছেন এবং প্রয়োজনীয় ব্যবস্থা গ্রহণের আশ্বাস দিয়েছেন। এলাকাবাসী জানান, দীর্ঘদিন ধরে এই সমস্যার সমাধান হয়নি। অনুষ্ঠানে উপস্থিত
ঝালকাঠিতে নির্বাচন ঘিরে গণমাধ্যমের ভূমিকা নিয়ে কর্মশালা অনুষ্ঠিত
সংবাদ প্রতিনিধি জানান, স্থানীয় প্রশাসন ও সংশ্লিষ্ট কর্মকর্তারা বিষয়টি খতিয়ে দেখছেন এবং প্রয়োজনীয় ব্যবস্থা গ্রহণের আশ্বাস দিয়েছেন। এলাকাবাসী জানান, দীর্ঘদিন ধরে এই সমস্যার সমাধান হয়নি। অনুষ্ঠানে উপস্থিত ছিলেন জেলা ও উপজেলা পর্যায়ের বিভিন্ন দপ্তরের কর্মকর্তা, জনপ্রতিনিধি, শিক্ষক, সাংবাদিক ও সুধীজন। বক্তারা বলেন, দেশের উন্নয়নে সবাইকে একসঙ্গে কাজ করতে হবে। সংবাদ প্রতিনিধি জানান, স্থানীয় প্রশাসন ও সংশ্লিষ্ট কর্মকর্তারা বিষয়টি খতিয়ে দেখছেন এবং প্রয়োজনীয় ব্যবস্থা গ্রহণের আশ্বাস দিয়েছেন। এলাকাবাসী জানান, দীর্ঘদিন ধরে এই সমস্যার সমাধান হয়নি। অনুষ্ঠানে উপস্থিত ছিলেন জেলা ও উপজেলা পর্যায়ের বিভিন্ন দপ্তরের কর্মকর্তা, জনপ্রতিনিধি, শিক্ষক, সাংবাদিক ও সুধীজন। বক্তারা বলেন, দেশের উন্নয়নে সবাইকে একসঙ্গে কাজ করতে হবে। সংবাদ প্রতিনিধি জানান, স্থানীয় প্রশাসন ও সংশ্লিষ্ট কর্মকর্তারা বিষয়টি খতিয়ে দেখছেন এবং প্রয়োজনীয় ব্যবস্থা গ্রহণের আশ্বাস দিয়েছেন। এলাকাবাসী জানান, দীর্ঘদিন ধরে এই সমস্যার সমাধান হয়নি। অনুষ্ঠানে উপস্থিত ছিলেন জেলা ও উপজেলা পর্যায়ের বিভিন্ন দপ্তরের কর্মকর্তা, জনপ্রতিনিধি, শিক্ষক, সাংবাদিক ও সুধীজন। বক্তারা বলেন, দেশের উন্নয়নে সবাইকে একসঙ্গে কাজ করতে হবে। সংবাদ প্রতিনিধি জানান, স্থানীয় প্রশাসন ও সংশ্লিষ্ট
গোয়ালঘরে কৃষকের দুটি গরু জবাই করে রেখে গেল দুর্বৃত্তরা
সংবাদ প্রতিনিধি জানান, স্থানীয় প্রশাসন ও সংশ্লিষ্ট কর্মকর্তারা বিষয়টি খতিয়ে দেখছেন এবং প্রয়োজনীয় ব্যবস্থা গ্রহণের আশ্বাস দিয়েছেন। এলাকাবাসী জানান, দীর্ঘদিন ধরে এই সমস্যার সমাধান হয়নি। অনুষ্ঠানে উপস্থিত ছিলেন জেলা ও উপজেলা পর্যায়ের বিভিন্ন দপ্তরের কর্মকর্তা, জনপ্রতিনিধি, শিক্ষক, সাংবাদিক ও সুধীজন। বক্তারা বলেন, দেশের উন্নয়নে সবাইকে একসঙ্গে কাজ করতে হবে। সংবাদ প্রতিনিধি জানান, স্থানীয় প্রশাসন ও সংশ্লিষ্ট কর্মকর্তারা বিষয়টি খতিয়ে দেখছেন এবং প্রয়োজনীয় ব্যবস্থা গ্রহণের আশ্বাস দিয়েছেন। এলাকাবাসী জানান, দীর্ঘদিন ধরে এই সমস্যার সমাধান হয়নি। অনুষ্ঠানে উপস্থিত ছিলেন জেলা ও উপজেলা পর্যায়ের বিভিন্ন দপ্তরের কর্মকর্তা, জনপ্রতিনিধি, শিক্ষক, সাংবাদিক ও সুধীজন। বক্তারা বলেন, দেশের উন্নয়নে সবাইকে একসঙ্গে কাজ করতে হবে। সংবাদ প্রতিনিধি জানান, স্থানীয় প্রশাসন ও সংশ্লিষ্ট কর্মকর্তারা বিষয়টি খতিয়ে দেখছেন এবং প্রয়োজনীয় ব্যবস্থা গ্রহণের আশ্বাস দিয়েছেন। এলাকাবাসী জানান, দীর্ঘদিন ধরে এই সমস্যার সমাধান হয়নি। অনুষ্ঠানে উপস্থিত ছিলেন জেলা ও উপজেলা পর্যায়ের বিভিন্ন দপ্তরের কর্মক
লন্ডনে জিসিএর উদ্যোগে মহান বিজয় দিবস উপলক্ষ্যে আলোচনা সভা ও পুরস্কার বিতরণী অনুষ্ঠিত
সংবাদ প্রতিনিধি জানান, স্থানীয় প্রশাসন ও সংশ্লিষ্ট কর্মকর্তারা বিষয়টি খতিয়ে দেখছেন এবং প্রয়োজনীয় ব্যবস্থা গ্রহণের আশ্বাস দিয়েছেন। এলাকাবাসী জানান, দীর্ঘদিন ধরে এই সমস্যার সমাধান হয়নি। অনুষ্ঠানে উপস্থিত ছিলেন জেলা ও উপজেলা পর্যায়ের বিভিন্ন দপ্তরের কর্মকর্তা, জনপ্রতিনিধি, শিক্ষক, সাংবাদিক ও সুধীজন। বক্তারা বলেন, দেশের উন্নয়নে সবাইকে একসঙ্গে কাজ করতে হবে। সংবাদ প্রতিনিধি জানান, স্থানীয় প্রশাসন ও সংশ্লিষ্ট কর্মকর্তারা বিষয়টি খতিয়ে দেখছেন এবং প্রয়োজনীয় ব্যবস্থা গ্রহণের আশ্বাস দিয়েছেন। এলাকাবাসী জানান, দীর্ঘদিন ধরে এই সমস্যার সমাধান হয়নি। অনুষ্ঠানে উপস্থিত ছিলেন জেলা ও উপজেলা পর্যায়ের বিভিন্ন দপ্তরের কর্মকর্তা, জনপ্রতিনিধি, শিক্ষক, সাংবাদিক ও সুধীজন। বক্তারা বলেন, দেশের উন্নয়নে সবাইকে একসঙ্গে কাজ করতে হবে। সংবাদ প্রতিনিধি জানান, স্থানীয় প্রশাসন ও সংশ্লিষ্ট কর্মকর্তারা বিষয়টি খতিয়ে দেখছেন এবং প্রয়োজনীয় ব্যবস্থা গ্রহণের আশ্বাস দিয়েছেন। এলাকাবাসী জানান, দীর্ঘদিন ধরে এই সমস্যার সমাধান হয়নি। অনুষ্ঠানে উপস্থিত ছিলেন জেলা ও উপজেলা পর্যায়ের বিভিন্ন দপ্তরের কর্মকর্তা, জনপ্রতিনিধি, শিক্ষক, সাংবাদিক ও সুধীজন। বক্তারা বলেন, দেশের উন্নয়নে সবাইকে একসঙ্গে কাজ করতে হবে। সংবাদ প্রতিনিধি জানান, স্থানীয় প্রশাসন ও সংশ্লিষ্ট কর্মকর্তারা বিষয়টি খতিয়ে দেখছেন এবং প্রয়োজনীয় ব্যবস্থা গ্রহণের আশ্বাস দিয়েছেন। এলাকাবাসী জানান, দীর
সিরাজগঞ্জে শ্রীলতাহানির মামলায় ছাত্রদল নেতা গ্রেফতার
সংবাদ প্রতিনিধি জানান, স্থানীয় প্রশাসন ও সংশ্লিষ্ট কর্মকর্তারা বিষয়টি খতিয়ে দেখছেন এবং প্রয়োজনীয় ব্যবস্থা গ্রহণের আশ্বাস দিয়েছেন। এলাকাবাসী জানান, দীর্ঘদিন ধরে এই সমস্যার সমাধান হয়নি। অনুষ্ঠানে উপস্থিত ছিলেন জেলা ও উপজেলা পর্যায়ের বিভিন্ন দপ্তরের কর্মকর্তা, জনপ্রতিনিধি, শিক্ষক, সাংবাদিক ও সুধীজন। বক্তারা বলেন, দেশের উন্নয়নে সবাইকে একসঙ্গে কাজ করতে হবে। সংবাদ প্রতিনিধি জানান, স্থানীয় প্রশাসন ও সংশ্লিষ্ট কর্মকর্তারা বিষয়টি খতিয়ে দেখছেন এবং প্রয়োজনীয় ব্যবস্থা গ্রহণের আশ্বাস দিয়েছেন। এলাকাবাসী জানান, দীর্ঘদিন ধরে এই সমস্যার সমাধান হয়নি। অনুষ্ঠানে উপস্থিত ছিলেন জেলা ও উপজেলা পর্যায়ের বিভিন্ন দপ্তরের কর্মকর্তা, জনপ্রতিনিধি, শিক্ষক, সাংবাদিক ও সুধীজন। বক্তারা বলেন, দেশের উন্নয়নে সবাইকে একসঙ্গে কাজ করতে হবে।
